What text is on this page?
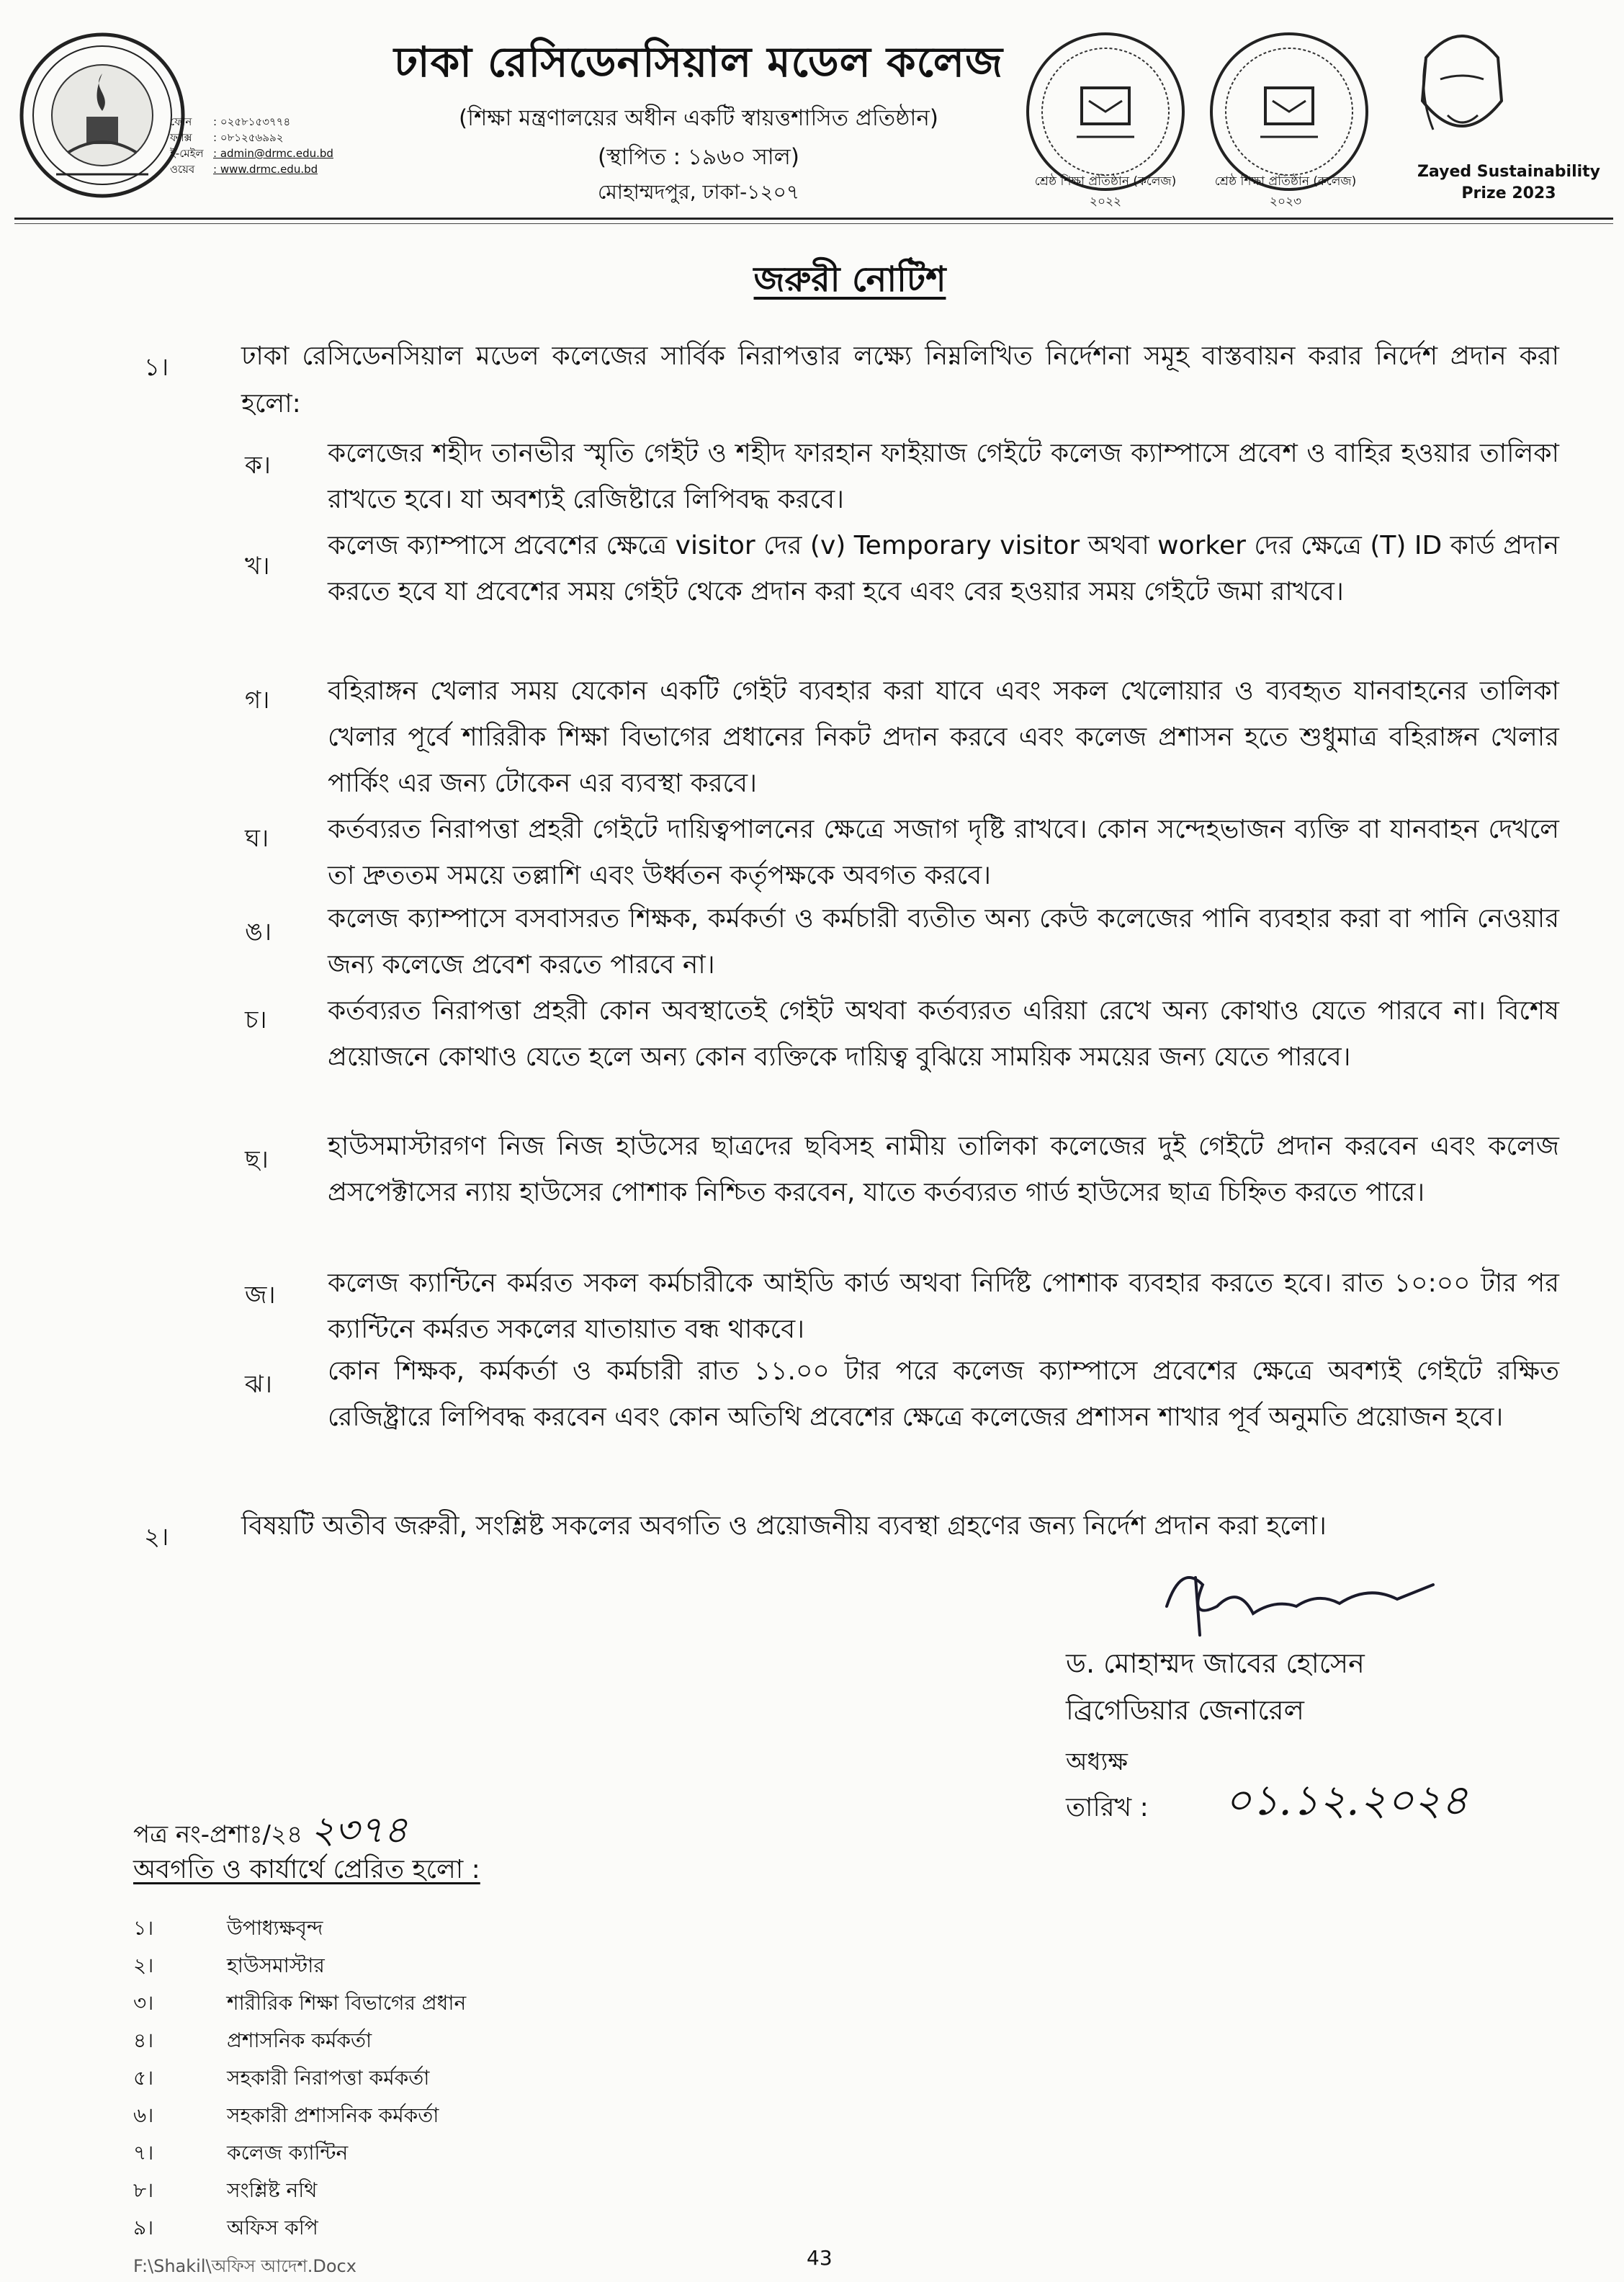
ফোন	: ০২৫৮১৫৩৭৭৪
ফ্যাক্স	: ০৮১২৫৬৯৯২
ই-মেইল : admin@drmc.edu.bd
ওয়েব	: www.drmc.edu.bd
ঢাকা রেসিডেনসিয়াল মডেল কলেজ
(শিক্ষা মন্ত্রণালয়ের অধীন একটি স্বায়ত্তশাসিত প্রতিষ্ঠান)
(স্থাপিত : ১৯৬০ সাল)
মোহাম্মদপুর, ঢাকা-১২০৭	শ্রেষ্ঠ শিক্ষা প্রতিষ্ঠান (কলেজ)
২০২২
শ্রেষ্ঠ শিক্ষা প্রতিষ্ঠান (কলেজ)
২০২৩
Zayed Sustainability
Prize 2023
জরুরী নোটিশ
১।	ঢাকা রেসিডেনসিয়াল মডেল কলেজের সার্বিক নিরাপত্তার লক্ষ্যে নিম্নলিখিত নির্দেশনা সমূহ বাস্তবায়ন করার নির্দেশ প্রদান করা হলো:
ক। কলেজের শহীদ তানভীর স্মৃতি গেইট ও শহীদ ফারহান ফাইয়াজ গেইটে কলেজ ক্যাম্পাসে প্রবেশ ও বাহির হওয়ার তালিকা রাখতে হবে। যা অবশ্যই রেজিষ্টারে লিপিবদ্ধ করবে।
খ।
কলেজ ক্যাম্পাসে প্রবেশের ক্ষেত্রে visitor দের (v) Temporary visitor অথবা worker দের ক্ষেত্রে (T) ID কার্ড প্রদান করতে হবে যা প্রবেশের সময় গেইট থেকে প্রদান করা হবে এবং বের হওয়ার সময় গেইটে জমা রাখবে।
গ। বহিরাঙ্গন খেলার সময় যেকোন একটি গেইট ব্যবহার করা যাবে এবং সকল খেলোয়ার ও ব্যবহৃত যানবাহনের তালিকা খেলার পূর্বে শারিরীক শিক্ষা বিভাগের প্রধানের নিকট প্রদান করবে এবং কলেজ প্রশাসন হতে শুধুমাত্র বহিরাঙ্গন খেলার পার্কিং এর জন্য টোকেন এর ব্যবস্থা করবে।
ঘ। কর্তব্যরত নিরাপত্তা প্রহরী গেইটে দায়িত্বপালনের ক্ষেত্রে সজাগ দৃষ্টি রাখবে। কোন সন্দেহভাজন ব্যক্তি বা যানবাহন দেখলে তা দ্রুততম সময়ে তল্লাশি এবং উর্ধ্বতন কর্তৃপক্ষকে অবগত করবে।
ঙ। কলেজ ক্যাম্পাসে বসবাসরত শিক্ষক, কর্মকর্তা ও কর্মচারী ব্যতীত অন্য কেউ কলেজের পানি ব্যবহার করা বা পানি নেওয়ার জন্য কলেজে প্রবেশ করতে পারবে না।
চ। কর্তব্যরত নিরাপত্তা প্রহরী কোন অবস্থাতেই গেইট অথবা কর্তব্যরত এরিয়া রেখে অন্য কোথাও যেতে পারবে না। বিশেষ প্রয়োজনে কোথাও যেতে হলে অন্য কোন ব্যক্তিকে দায়িত্ব বুঝিয়ে সাময়িক সময়ের জন্য যেতে পারবে।
ছ। হাউসমাস্টারগণ নিজ নিজ হাউসের ছাত্রদের ছবিসহ নামীয় তালিকা কলেজের দুই গেইটে প্রদান করবেন এবং কলেজ প্রসপেক্টাসের ন্যায় হাউসের পোশাক নিশ্চিত করবেন, যাতে কর্তব্যরত গার্ড হাউসের ছাত্র চিহ্নিত করতে পারে।
জ। কলেজ ক্যান্টিনে কর্মরত সকল কর্মচারীকে আইডি কার্ড অথবা নির্দিষ্ট পোশাক ব্যবহার করতে হবে। রাত ১০:০০ টার পর ক্যান্টিনে কর্মরত সকলের যাতায়াত বন্ধ থাকবে।
ঝ। কোন শিক্ষক, কর্মকর্তা ও কর্মচারী রাত ১১.০০ টার পরে কলেজ ক্যাম্পাসে প্রবেশের ক্ষেত্রে অবশ্যই গেইটে রক্ষিত রেজিষ্ট্রারে লিপিবদ্ধ করবেন এবং কোন অতিথি প্রবেশের ক্ষেত্রে কলেজের প্রশাসন শাখার পূর্ব অনুমতি প্রয়োজন হবে।
২।	বিষয়টি অতীব জরুরী, সংশ্লিষ্ট সকলের অবগতি ও প্রয়োজনীয় ব্যবস্থা গ্রহণের জন্য নির্দেশ প্রদান করা হলো।
ড. মোহাম্মদ জাবের হোসেন
ব্রিগেডিয়ার জেনারেল
অধ্যক্ষ
তারিখ : ০১.১২.২০২৪
পত্র নং-প্রশাঃ/২৪ ২৩৭৪
অবগতি ও কার্যার্থে প্রেরিত হলো :
১।	উপাধ্যক্ষবৃন্দ
২।	হাউসমাস্টার
৩।	শারীরিক শিক্ষা বিভাগের প্রধান
৪।	প্রশাসনিক কর্মকর্তা
৫।	সহকারী নিরাপত্তা কর্মকর্তা
৬।	সহকারী প্রশাসনিক কর্মকর্তা
৭।	কলেজ ক্যান্টিন
৮।	সংশ্লিষ্ট নথি
৯।	অফিস কপি
F:\Shakil\অফিস আদেশ.Docx	43
